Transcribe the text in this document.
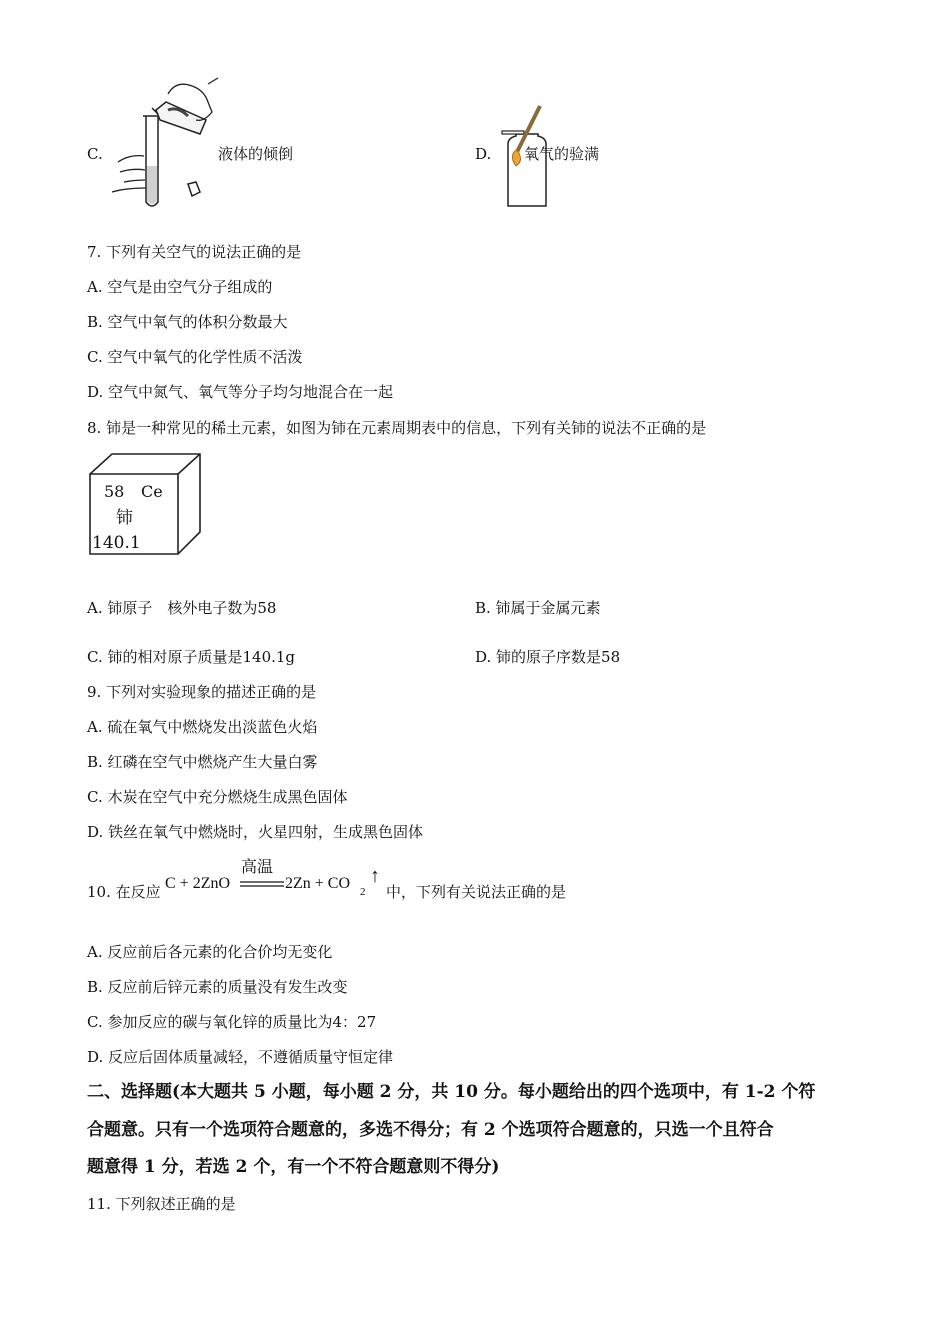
C.	液体的倾倒	D. 氧气的验满
7. 下列有关空气的说法正确的是
A. 空气是由空气分子组成的
B. 空气中氧气的体积分数最大
C. 空气中氧气的化学性质不活泼
D. 空气中氮气、氧气等分子均匀地混合在一起
8. 铈是一种常见的稀土元素，如图为铈在元素周期表中的信息，下列有关铈的说法不正确的是
58 Ce
铈
140.1
A. 铈原子　核外电子数为58	B. 铈属于金属元素
C. 铈的相对原子质量是140.1g	D. 铈的原子序数是58
9. 下列对实验现象的描述正确的是
A. 硫在氧气中燃烧发出淡蓝色火焰
B. 红磷在空气中燃烧产生大量白雾
C. 木炭在空气中充分燃烧生成黑色固体
D. 铁丝在氧气中燃烧时，火星四射，生成黑色固体
10. 在反应 C + 2ZnO
高温
2Zn + CO 2
↑
中，下列有关说法正确的是
A. 反应前后各元素的化合价均无变化
B. 反应前后锌元素的质量没有发生改变
C. 参加反应的碳与氧化锌的质量比为4：27
D. 反应后固体质量减轻，不遵循质量守恒定律
二、选择题(本大题共 5 小题，每小题 2 分，共 10 分。每小题给出的四个选项中，有 1-2 个符
合题意。只有一个选项符合题意的，多选不得分；有 2 个选项符合题意的，只选一个且符合
题意得 1 分，若选 2 个，有一个不符合题意则不得分)
11. 下列叙述正确的是
